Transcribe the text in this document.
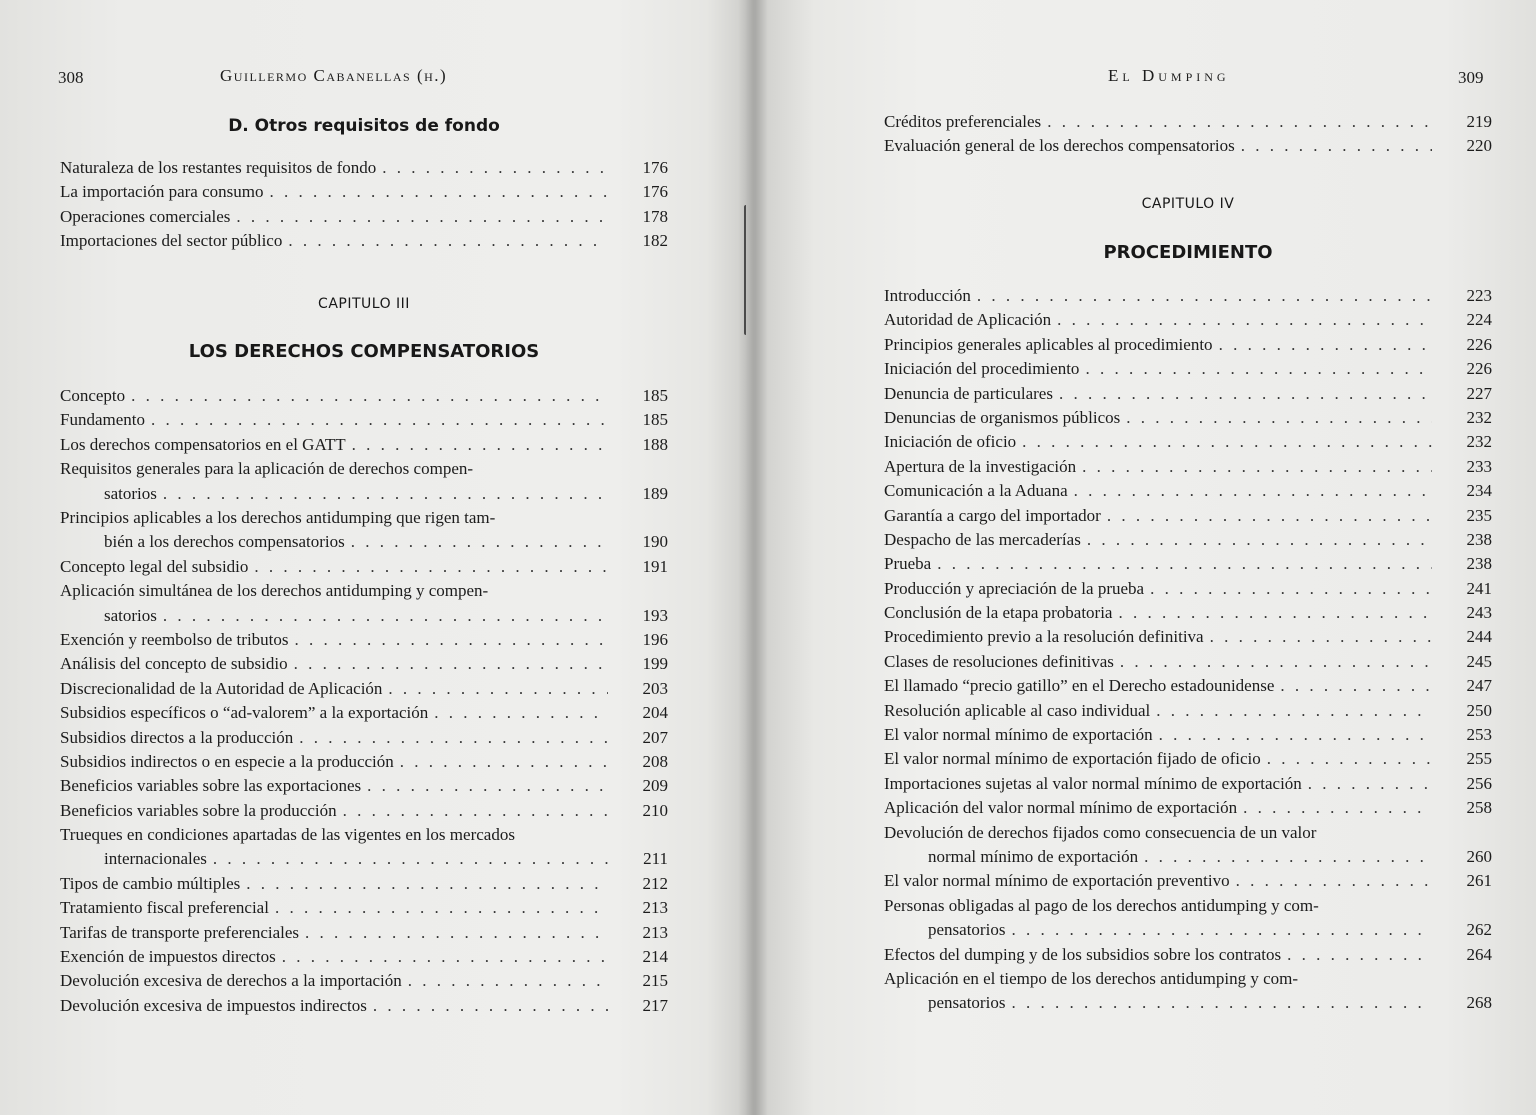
308	Guillermo Cabanellas (h.)
D. Otros requisitos de fondo
Naturaleza de los restantes requisitos de fondo . . .	176
La importación para consumo . . .	176
Operaciones comerciales . . .	178
Importaciones del sector público . . .	182
CAPITULO III
LOS DERECHOS COMPENSATORIOS
Concepto . . .	185
Fundamento . . .	185
Los derechos compensatorios en el GATT . . .	188
Requisitos generales para la aplicación de derechos compen-
satorios . . .	189
Principios aplicables a los derechos antidumping que rigen tam-
bién a los derechos compensatorios . . .	190
Concepto legal del subsidio . . .	191
Aplicación simultánea de los derechos antidumping y compen-
satorios . . .	193
Exención y reembolso de tributos . . .	196
Análisis del concepto de subsidio . . .	199
Discrecionalidad de la Autoridad de Aplicación . . .	203
Subsidios específicos o “ad-valorem” a la exportación . . .	204
Subsidios directos a la producción . . .	207
Subsidios indirectos o en especie a la producción . . .	208
Beneficios variables sobre las exportaciones . . .	209
Beneficios variables sobre la producción . . .	210
Trueques en condiciones apartadas de las vigentes en los mercados
internacionales . . .	211
Tipos de cambio múltiples . . .	212
Tratamiento fiscal preferencial . . .	213
Tarifas de transporte preferenciales . . .	213
Exención de impuestos directos . . .	214
Devolución excesiva de derechos a la importación . . .	215
Devolución excesiva de impuestos indirectos . . .	217
El Dumping	309
Créditos preferenciales . . .	219
Evaluación general de los derechos compensatorios . . .	220
CAPITULO IV
PROCEDIMIENTO
Introducción . . .	223
Autoridad de Aplicación . . .	224
Principios generales aplicables al procedimiento . . .	226
Iniciación del procedimiento . . .	226
Denuncia de particulares . . .	227
Denuncias de organismos públicos . . .	232
Iniciación de oficio . . .	232
Apertura de la investigación . . .	233
Comunicación a la Aduana . . .	234
Garantía a cargo del importador . . .	235
Despacho de las mercaderías . . .	238
Prueba . . .	238
Producción y apreciación de la prueba . . .	241
Conclusión de la etapa probatoria . . .	243
Procedimiento previo a la resolución definitiva . . .	244
Clases de resoluciones definitivas . . .	245
El llamado “precio gatillo” en el Derecho estadounidense . . .	247
Resolución aplicable al caso individual . . .	250
El valor normal mínimo de exportación . . .	253
El valor normal mínimo de exportación fijado de oficio . . .	255
Importaciones sujetas al valor normal mínimo de exportación . . .	256
Aplicación del valor normal mínimo de exportación . . .	258
Devolución de derechos fijados como consecuencia de un valor
normal mínimo de exportación . . .	260
El valor normal mínimo de exportación preventivo . . .	261
Personas obligadas al pago de los derechos antidumping y com-
pensatorios . . .	262
Efectos del dumping y de los subsidios sobre los contratos . . .	264
Aplicación en el tiempo de los derechos antidumping y com-
pensatorios . . .	268
